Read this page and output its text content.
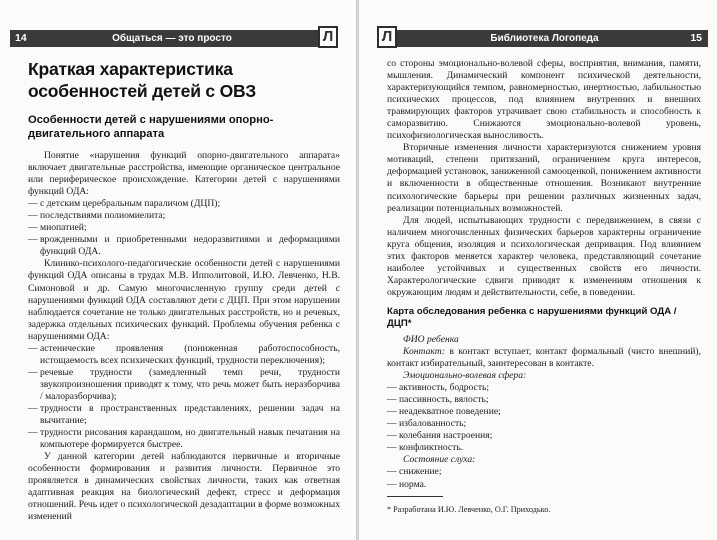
14	Общаться — это просто	Л
Краткая характеристика особенностей детей с ОВЗ
Особенности детей с нарушениями опорно-двигательного аппарата

Понятие «нарушения функций опорно-двигательного аппарата» включает двигательные расстройства, имеющие органическое центральное или периферическое происхождение. Категории детей с нарушениями функций ОДА:

— с детским церебральным параличом (ДЦП);
— последствиями полиомиелита;
— миопатией;
— врожденными и приобретенными недоразвитиями и деформациями функций ОДА.

Клинико-психолого-педагогические особенности детей с нарушениями функций ОДА описаны в трудах М.В. Ипполитовой, И.Ю. Левченко, Н.В. Симоновой и др. Самую многочисленную группу среди детей с нарушениями функций ОДА составляют дети с ДЦП. При этом нарушении наблюдается сочетание не только двигательных расстройств, но и речевых, задержка отдельных психических функций. Проблемы обучения ребенка с нарушениями ОДА:

— астенические проявления (пониженная работоспособность, истощаемость всех психических функций, трудности переключения);
— речевые трудности (замедленный темп речи, трудности звукопроизношения приводят к тому, что речь может быть неразборчива / малоразборчива);
— трудности в пространственных представлениях, решении задач на вычитание;
— трудности рисования карандашом, но двигательный навык печатания на компьютере формируется быстрее.

У данной категории детей наблюдаются первичные и вторичные особенности формирования и развития личности. Первичное это проявляется в динамических свойствах личности, таких как ответная адаптивная реакция на биологический дефект, стресс и деформация отношений. Речь идет о психологической дезадаптации в форме возможных изменений

Л	Библиотека Логопеда	15

со стороны эмоционально-волевой сферы, восприятия, внимания, памяти, мышления. Динамический компонент психической деятельности, характеризующийся темпом, равномерностью, инертностью, лабильностью психических процессов, под влиянием внутренних и внешних травмирующих факторов утрачивает свою стабильность и способность к саморазвитию. Снижаются эмоционально-волевой уровень, психофизиологическая выносливость.

Вторичные изменения личности характеризуются снижением уровня мотиваций, степени притязаний, ограничением круга интересов, деформацией установок, заниженной самооценкой, понижением активности и включенности в общественные отношения. Возникают внутренние психологические барьеры при решении различных жизненных задач, реализации потенциальных возможностей.

Для людей, испытывающих трудности с передвижением, в связи с наличием многочисленных физических барьеров характерны ограничение круга общения, изоляция и психологическая депривация. Под влиянием этих факторов меняется характер человека, представляющий сочетание наиболее устойчивых и существенных свойств его личности. Характерологические сдвиги приводят к изменениям отношения к окружающим людям и действительности, себе, в поведении.

Карта обследования ребенка с нарушениями функций ОДА / ДЦП*

ФИО ребенка

Контакт: в контакт вступает, контакт формальный (чисто внешний), контакт избирательный, заинтересован в контакте.

Эмоционально-волевая сфера:

— активность, бодрость;
— пассивность, вялость;
— неадекватное поведение;
— избалованность;
— колебания настроения;
— конфликтность.

Состояние слуха:

— снижение;
— норма.

* Разработана И.Ю. Левченко, О.Г. Приходько.
